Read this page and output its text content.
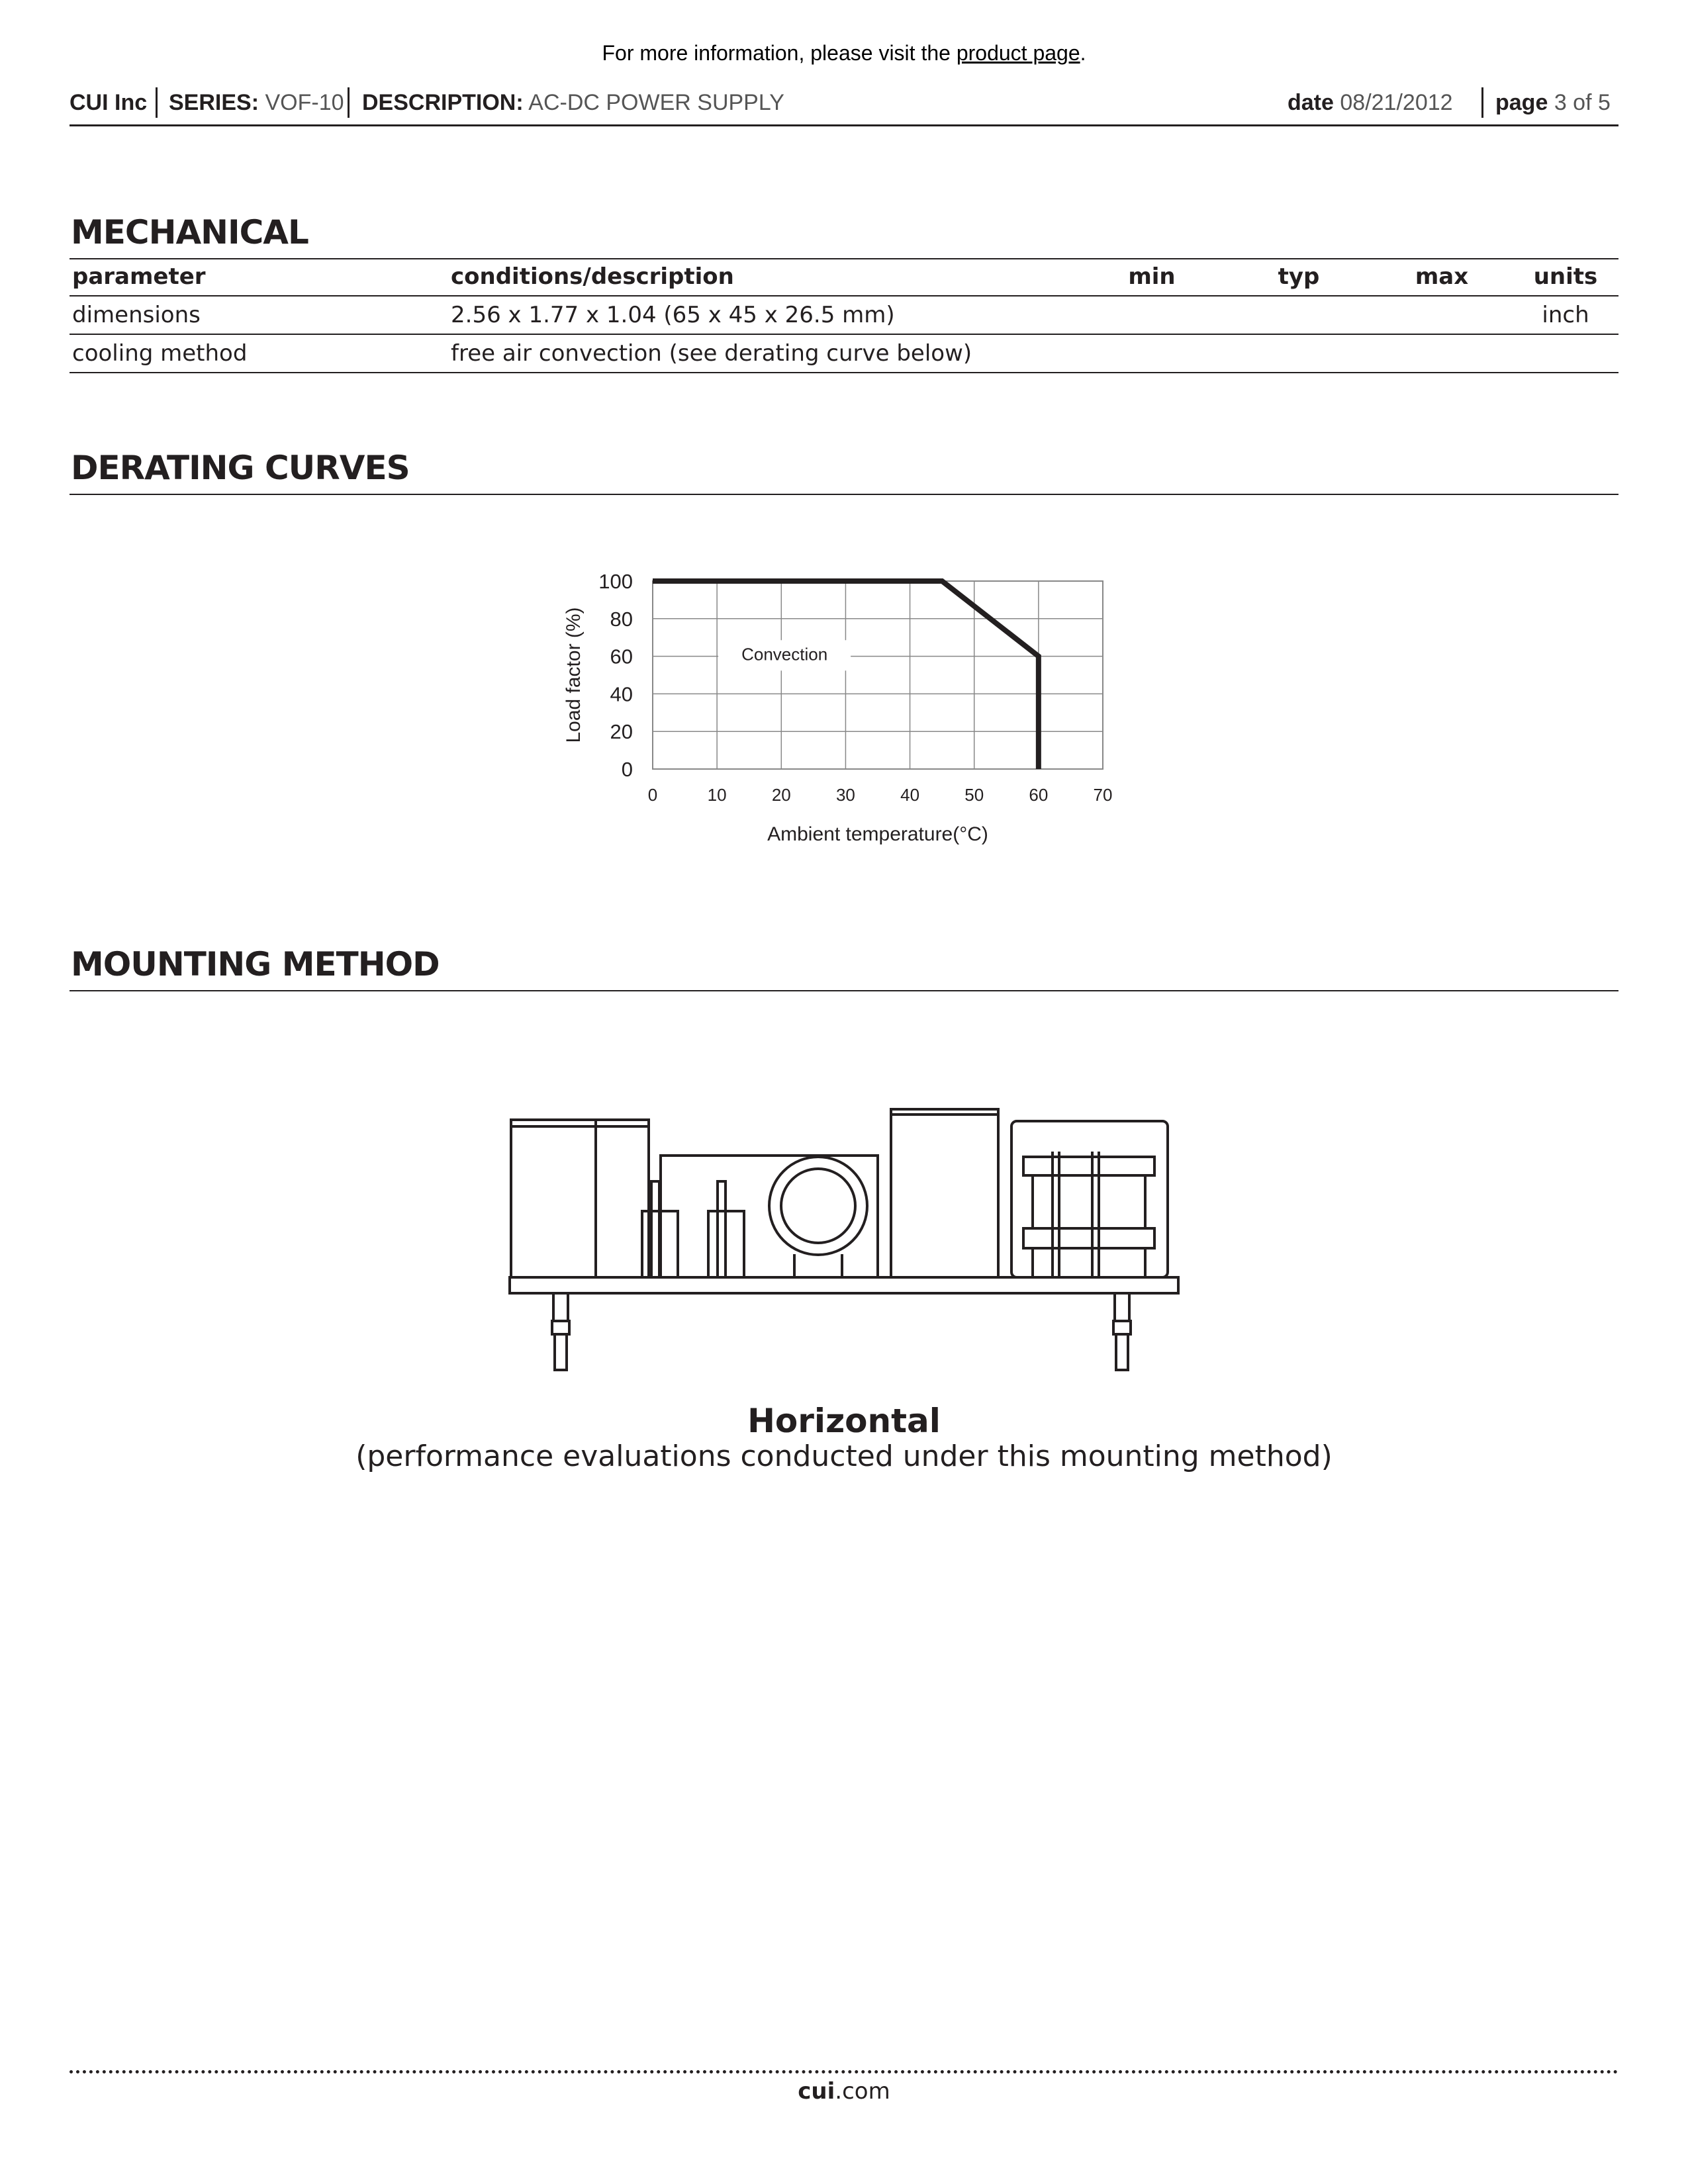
For more information, please visit the product page.
CUI Inc SERIES: VOF-10 DESCRIPTION: AC-DC POWER SUPPLY	date 08/21/2012 page 3 of 5
MECHANICAL
parameter	conditions/description	min	typ	max	units
dimensions	2.56 x 1.77 x 1.04 (65 x 45 x 26.5 mm)				inch
cooling method	free air convection (see derating curve below)				
DERATING CURVES
100
80
60
40
20
0
0	10	20	30	40	50	60	70
Convection
Ambient temperature(°C)
Load factor (%)
MOUNTING METHOD
Horizontal
(performance evaluations conducted under this mounting method)
cui.com
